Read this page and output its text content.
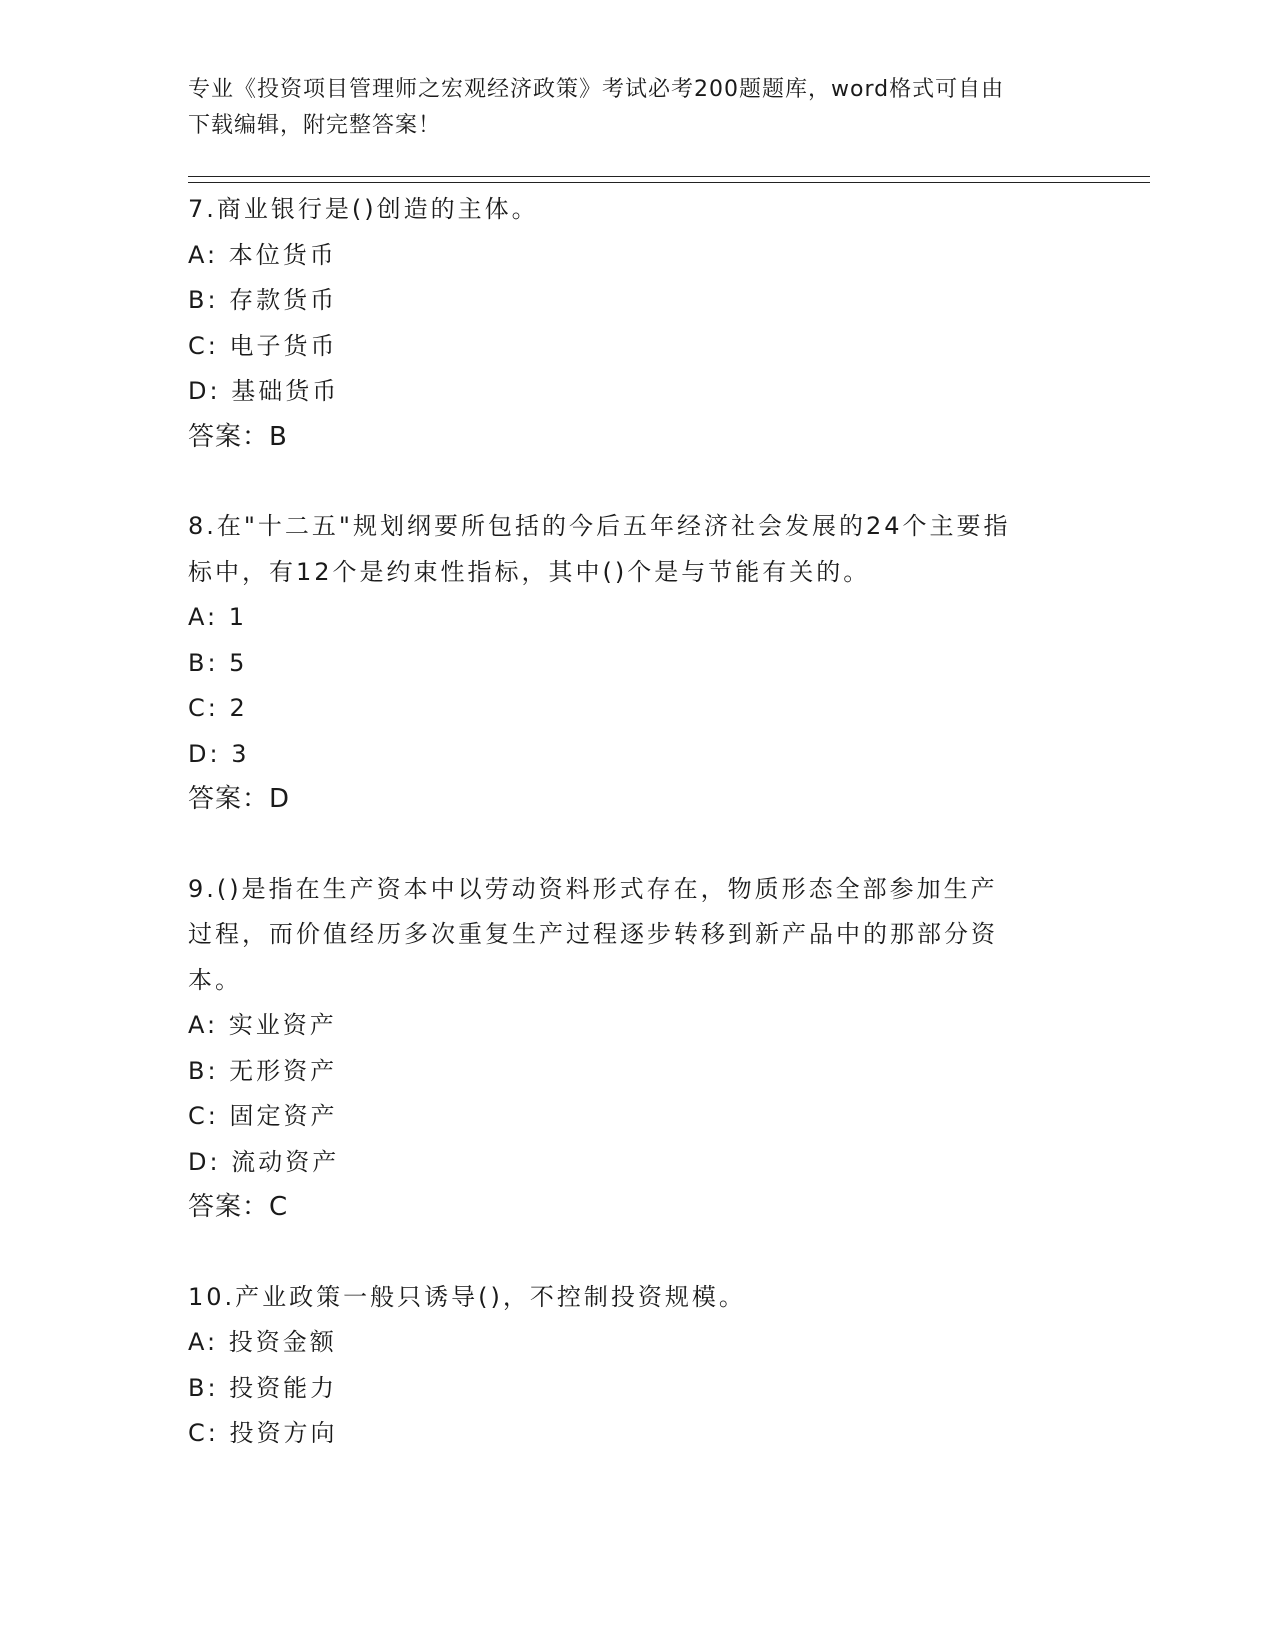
专业《投资项目管理师之宏观经济政策》考试必考200题题库，word格式可自由
下载编辑，附完整答案！
7.商业银行是()创造的主体。
A: 本位货币
B: 存款货币
C: 电子货币
D: 基础货币
答案：B
8.在"十二五"规划纲要所包括的今后五年经济社会发展的24个主要指
标中，有12个是约束性指标，其中()个是与节能有关的。
A: 1
B: 5
C: 2
D: 3
答案：D
9.()是指在生产资本中以劳动资料形式存在，物质形态全部参加生产
过程，而价值经历多次重复生产过程逐步转移到新产品中的那部分资
本。
A: 实业资产
B: 无形资产
C: 固定资产
D: 流动资产
答案：C
10.产业政策一般只诱导()，不控制投资规模。
A: 投资金额
B: 投资能力
C: 投资方向
